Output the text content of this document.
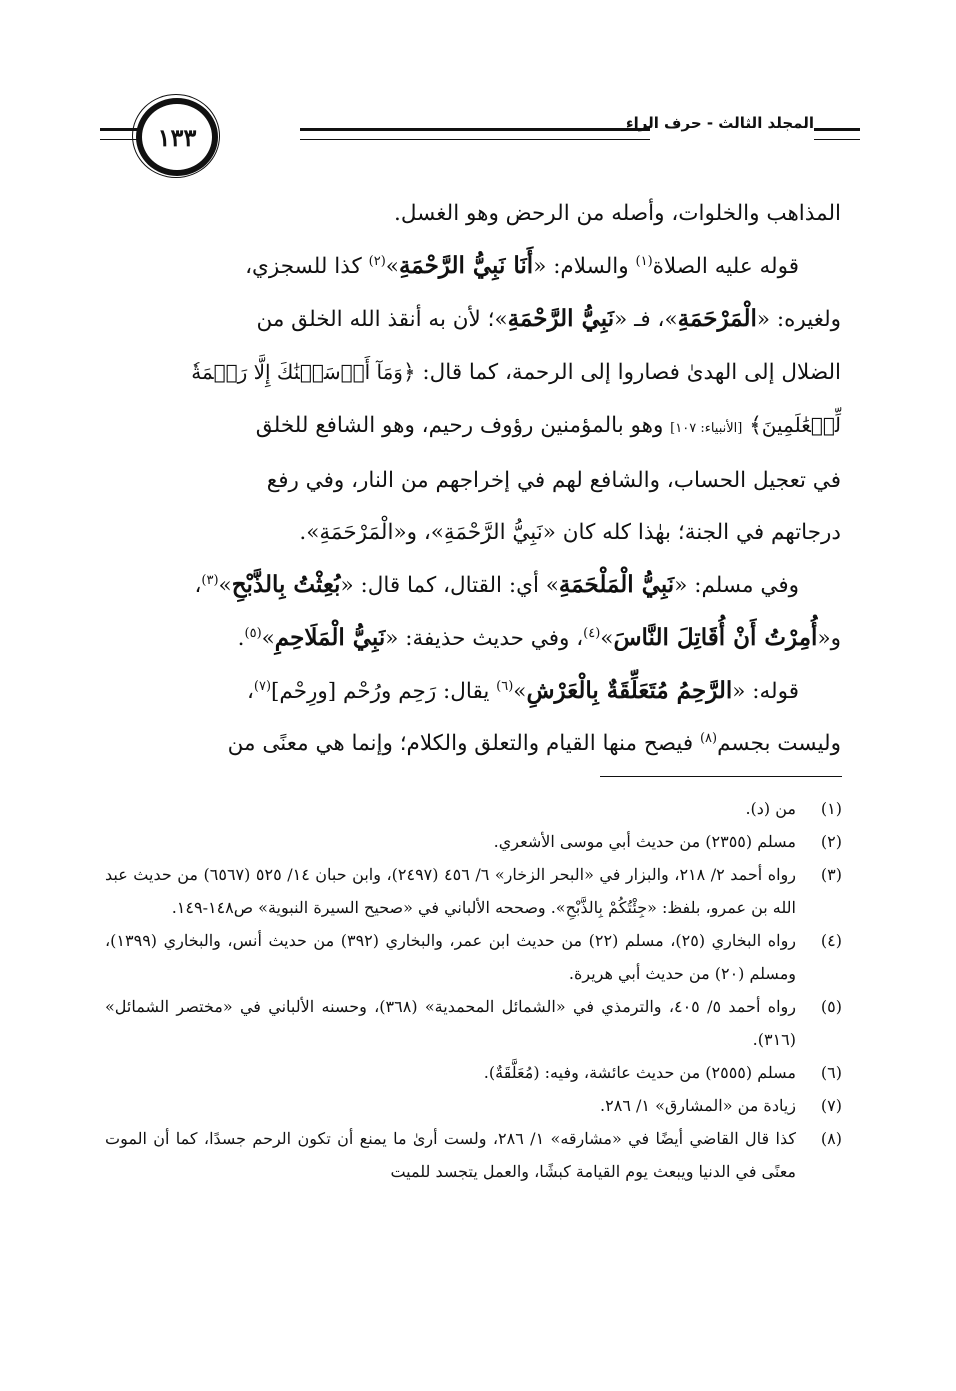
١٣٣	المجلد الثالث - حرف الراء

المذاهب والخلوات، وأصله من الرحض وهو الغسل.

قوله عليه الصلاة$^{(١)}$ والسلام: «أَنَا نَبِيُّ الرَّحْمَةِ»$^{(٢)}$ كذا للسجزي،

ولغيره: «الْمَرْحَمَةِ»، فـ «نَبِيُّ الرَّحْمَةِ»؛ لأن به أنقذ الله الخلق من

الضلال إلى الهدىٰ فصاروا إلى الرحمة، كما قال: ﴿وَمَآ أَرۡسَلۡنَٰكَ إِلَّا رَحۡمَةٗ

لِّلۡعَٰلَمِينَ﴾ [الأنبياء: ١٠٧] وهو بالمؤمنين رؤوف رحيم، وهو الشافع للخلق

في تعجيل الحساب، والشافع لهم في إخراجهم من النار، وفي رفع

درجاتهم في الجنة؛ بهٰذا كله كان «نَبِيُّ الرَّحْمَةِ»، و«الْمَرْحَمَةِ».

وفي مسلم: «نَبِيُّ الْمَلْحَمَةِ» أي: القتال، كما قال: «بُعِثْتُ بِالذَّبْحِ»$^{(٣)}$،

و«أُمِرْتُ أَنْ أُقَاتِلَ النَّاسَ»$^{(٤)}$، وفي حديث حذيفة: «نَبِيُّ الْمَلَاحِمِ»$^{(٥)}$.

قوله: «الرَّحِمُ مُتَعَلِّقَةٌ بِالْعَرْشِ»$^{(٦)}$ يقال: رَحِم ورُحْم [ورِحْم]$^{(٧)}$،

وليست بجسم$^{(٨)}$ فيصح منها القيام والتعلق والكلام؛ وإنما هي معنًى من

(١)
من (د).
(٢)
مسلم (٢٣٥٥) من حديث أبي موسى الأشعري.
(٣)
رواه أحمد ٢/ ٢١٨، والبزار في «البحر الزخار» ٦/ ٤٥٦ (٢٤٩٧)، وابن حبان ١٤/ ٥٢٥ (٦٥٦٧) من حديث عبد الله بن عمرو، بلفظ: «جِئْتُكُمْ بِالذَّبْحِ». وصححه الألباني في «صحيح السيرة النبوية» ص١٤٨-١٤٩.
(٤)
رواه البخاري (٢٥)، مسلم (٢٢) من حديث ابن عمر، والبخاري (٣٩٢) من حديث أنس، والبخاري (١٣٩٩)، ومسلم (٢٠) من حديث أبي هريرة.
(٥)
رواه أحمد ٥/ ٤٠٥، والترمذي في «الشمائل المحمدية» (٣٦٨)، وحسنه الألباني في «مختصر الشمائل» (٣١٦).
(٦)
مسلم (٢٥٥٥) من حديث عائشة، وفيه: (مُعَلَّقَةٌ).
(٧)
زيادة من «المشارق» ١/ ٢٨٦.
(٨)
كذا قال القاضي أيضًا في «مشارقه» ١/ ٢٨٦، ولست أرىٰ ما يمنع أن تكون الرحم جسدًا، كما أن الموت معنًى في الدنيا ويبعث يوم القيامة كبشًا، والعمل يتجسد للميت
